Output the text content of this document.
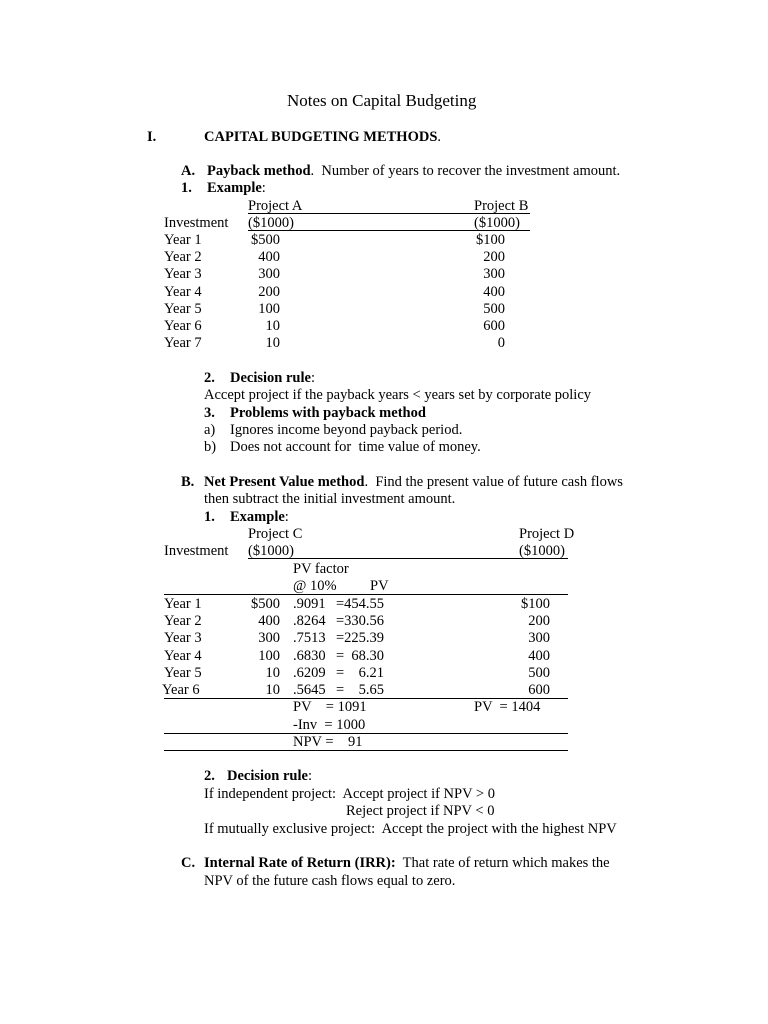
Notes on Capital Budgeting
I.	CAPITAL BUDGETING METHODS.
A. Payback method.  Number of years to recover the investment amount.
1. Example:
Project A	Project B
Investment ($1000)	($1000)
Year 1	$500	$100
Year 2	400	200
Year 3	300	300
Year 4	200	400
Year 5	100	500
Year 6	10	600
Year 7	10	0
2. Decision rule:
Accept project if the payback years < years set by corporate policy
3. Problems with payback method
a) Ignores income beyond payback period.
b) Does not account for  time value of money.
B. Net Present Value method.  Find the present value of future cash flows
then subtract the initial investment amount.
1. Example:
Project C	Project D
Investment ($1000)	($1000)
PV factor
@ 10% PV
Year 1	$500 .9091 =454.55	$100
Year 2	400 .8264 =330.56	200
Year 3	300 .7513 =225.39	300
Year 4	100 .6830 =  68.30	400
Year 5	10 .6209 =    6.21	500
Year 6	10 .5645 =    5.65	600
PV    = 1091	PV  = 1404
-Inv  = 1000
NPV =    91
2. Decision rule:
If independent project:  Accept project if NPV > 0
Reject project if NPV < 0
If mutually exclusive project:  Accept the project with the highest NPV
C. Internal Rate of Return (IRR):  That rate of return which makes the
NPV of the future cash flows equal to zero.
